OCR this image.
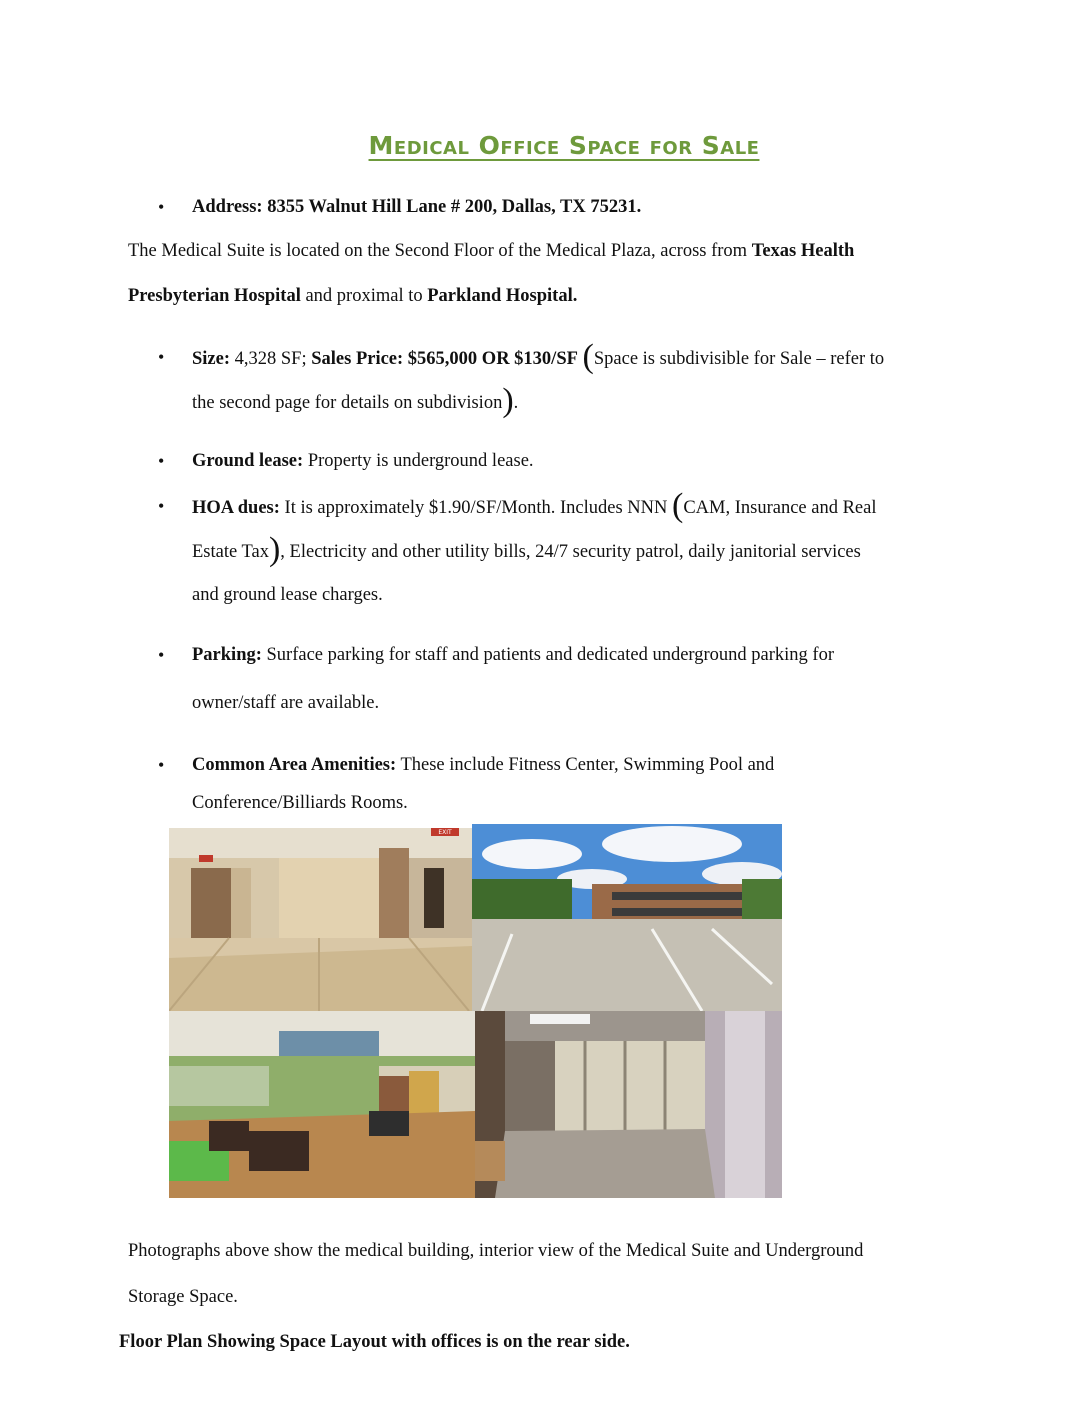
Medical Office Space for Sale
• Address: 8355 Walnut Hill Lane # 200, Dallas, TX 75231.
The Medical Suite is located on the Second Floor of the Medical Plaza, across from Texas Health
Presbyterian Hospital and proximal to Parkland Hospital.
• Size: 4,328 SF; Sales Price: $565,000 OR $130/SF (Space is subdivisible for Sale – refer to
the second page for details on subdivision).
• Ground lease: Property is underground lease.
• HOA dues: It is approximately $1.90/SF/Month. Includes NNN (CAM, Insurance and Real
Estate Tax), Electricity and other utility bills, 24/7 security patrol, daily janitorial services
and ground lease charges.
• Parking: Surface parking for staff and patients and dedicated underground parking for
owner/staff are available.
• Common Area Amenities: These include Fitness Center, Swimming Pool and
Conference/Billiards Rooms.
EXIT
Photographs above show the medical building, interior view of the Medical Suite and Underground
Storage Space.
Floor Plan Showing Space Layout with offices is on the rear side.
